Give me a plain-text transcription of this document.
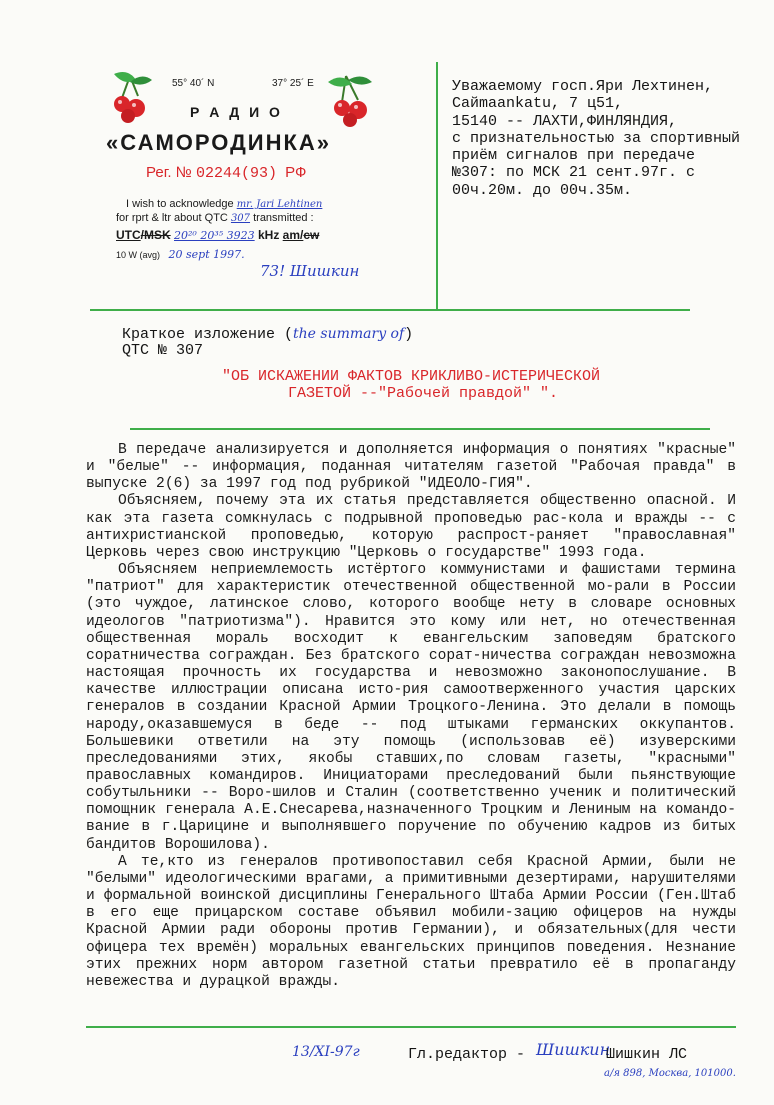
55° 40´ N	37° 25´ E
Р А Д И О
«САМОРОДИНКА»
Рег. № 02244(93) РФ
I wish to acknowledge mr. Jari Lehtinen
for rprt & ltr about QTC 307 transmitted :
UTC/MSK 20²⁰ 20³⁵ 3923 kHz am/cw
10 W (avg) 20 sept 1997.
73! Шишкин
Уважаемому госп.Яри Лехтинен,
Сайmaankatu, 7 ц51,
15140 -- ЛАХТИ,ФИНЛЯНДИЯ,
с признательностью за спортивный
приём сигналов при передаче
№307: по МСК 21 сент.97г. с
00ч.20м. до 00ч.35м.
Краткое изложение (the summary of)
QTC № 307
"ОБ ИСКАЖЕНИИ ФАКТОВ КРИКЛИВО-ИСТЕРИЧЕСКОЙ
ГАЗЕТОЙ --"Рабочей правдой" ".

В передаче анализируется и дополняется информация о понятиях "красные" и "белые" -- информация, поданная читателям газетой "Рабочая правда" в выпуске 2(6) за 1997 год под рубрикой "ИДЕОЛО-ГИЯ".

Объясняем, почему эта их статья представляется общественно опасной. И как эта газета сомкнулась с подрывной проповедью рас-кола и вражды -- с антихристианской проповедью, которую распрост-раняет "православная" Церковь через свою инструкцию "Церковь о государстве" 1993 года.

Объясняем неприемлемость истёртого коммунистами и фашистами термина "патриот" для характеристик отечественной общественной мо-рали в России (это чуждое, латинское слово, которого вообще нету в словаре основных идеологов "патриотизма"). Нравится это кому или нет, но отечественная общественная мораль восходит к евангельским заповедям братского соратничества сограждан. Без братского сорат-ничества сограждан невозможна настоящая прочность их государства и невозможно законопослушание. В качестве иллюстрации описана исто-рия самоотверженного участия царских генералов в создании Красной Армии Троцкого-Ленина. Это делали в помощь народу,оказавшемуся в беде -- под штыками германских оккупантов. Большевики ответили на эту помощь (использовав её) изуверскими преследованиями этих, якобы ставших,по словам газеты, "красными" православных командиров. Инициаторами преследований были пьянствующие собутыльники -- Воро-шилов и Сталин (соответственно ученик и политический помощник генерала А.Е.Снесарева,назначенного Троцким и Лениным на командо-вание в г.Царицине и выполнявшего поручение по обучению кадров из битых бандитов Ворошилова).

А те,кто из генералов противопоставил себя Красной Армии, были не "белыми" идеологическими врагами, а примитивными дезертирами, нарушителями и формальной воинской дисциплины Генерального Штаба Армии России (Ген.Штаб в его еще прицарском составе объявил мобили-зацию офицеров на нужды Красной Армии ради обороны против Германии), и обязательных(для чести офицера тех времён) моральных евангельских принципов поведения. Незнание этих прежних норм автором газетной статьи превратило её в пропаганду невежества и дурацкой вражды.

13/XI-97г	Гл.редактор - Шишкин
Шишкин ЛС
а/я 898, Москва, 101000.
